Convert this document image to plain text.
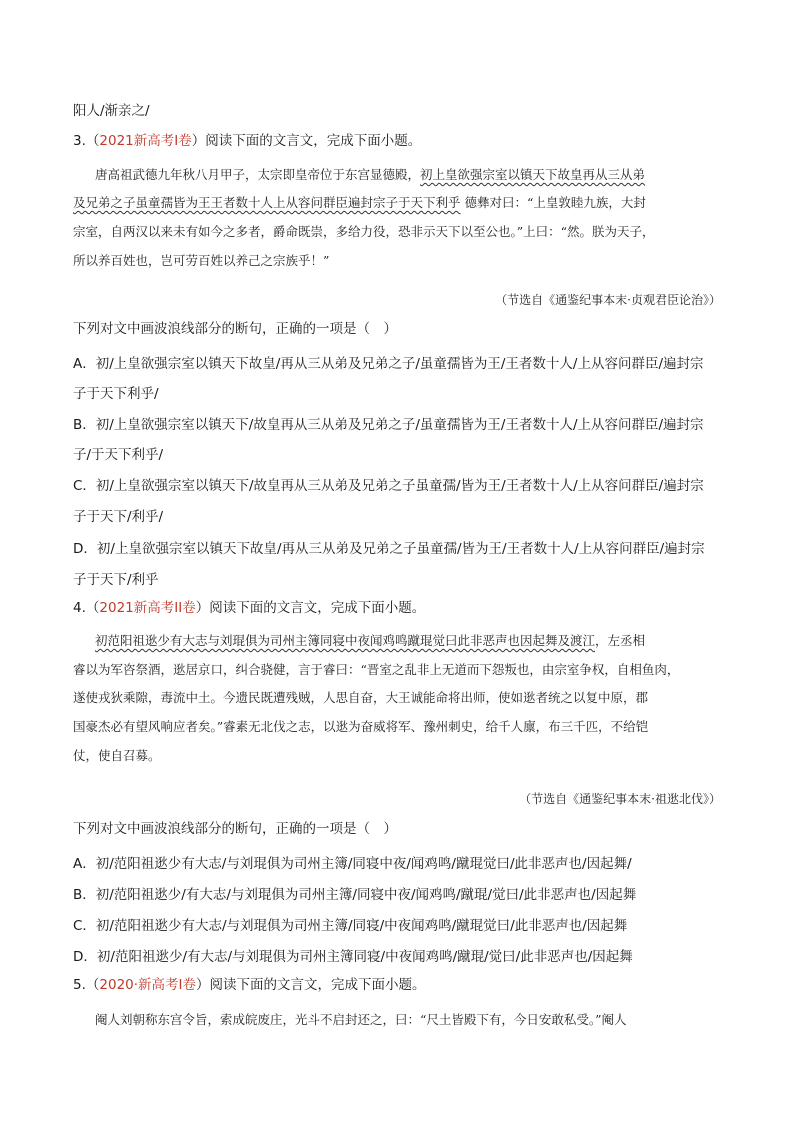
阳人/渐亲之/
3.（2021新高考I卷）阅读下面的文言文，完成下面小题。
唐高祖武德九年秋八月甲子，太宗即皇帝位于东宫显德殿，初上皇欲强宗室以镇天下故皇再从三从弟
及兄弟之子虽童孺皆为王王者数十人上从容问群臣遍封宗子于天下利乎 德彝对曰：“上皇敦睦九族，大封
宗室，自两汉以来未有如今之多者，爵命既崇，多给力役，恐非示天下以至公也。”上曰：“然。朕为天子，
所以养百姓也，岂可劳百姓以养己之宗族乎！”
（节选自《通鉴纪事本末·贞观君臣论治》）
下列对文中画波浪线部分的断句，正确的一项是（　）
A．初/上皇欲强宗室以镇天下故皇/再从三从弟及兄弟之子/虽童孺皆为王/王者数十人/上从容问群臣/遍封宗
子于天下利乎/
B．初/上皇欲强宗室以镇天下/故皇再从三从弟及兄弟之子/虽童孺皆为王/王者数十人/上从容问群臣/遍封宗
子/于天下利乎/
C．初/上皇欲强宗室以镇天下/故皇再从三从弟及兄弟之子虽童孺/皆为王/王者数十人/上从容问群臣/遍封宗
子于天下/利乎/
D．初/上皇欲强宗室以镇天下故皇/再从三从弟及兄弟之子虽童孺/皆为王/王者数十人/上从容问群臣/遍封宗
子于天下/利乎
4.（2021新高考II卷）阅读下面的文言文，完成下面小题。
初范阳祖逖少有大志与刘琨俱为司州主簿同寝中夜闻鸡鸣蹴琨觉曰此非恶声也因起舞及渡江，左丞相
睿以为军咨祭酒，逖居京口，纠合骁健，言于睿曰：“晋室之乱非上无道而下怨叛也，由宗室争权，自相鱼肉，
遂使戎狄乘隙，毒流中土。今遗民既遭残贼，人思自奋，大王诚能命将出师，使如逖者统之以复中原，郡
国豪杰必有望风响应者矣。”睿素无北伐之志，以逖为奋威将军、豫州刺史，给千人廪，布三千匹，不给铠
仗，使自召募。
（节选自《通鉴纪事本末·祖逖北伐》）
下列对文中画波浪线部分的断句，正确的一项是（　）
A．初/范阳祖逖少有大志/与刘琨俱为司州主簿/同寝中夜/闻鸡鸣/蹴琨觉曰/此非恶声也/因起舞/
B．初/范阳祖逖少/有大志/与刘琨俱为司州主簿/同寝中夜/闻鸡鸣/蹴琨/觉曰/此非恶声也/因起舞
C．初/范阳祖逖少有大志/与刘琨俱为司州主簿/同寝/中夜闻鸡鸣/蹴琨觉曰/此非恶声也/因起舞
D．初/范阳祖逖少/有大志/与刘琨俱为司州主簿同寝/中夜闻鸡鸣/蹴琨/觉曰/此非恶声也/因起舞
5.（2020·新高考I卷）阅读下面的文言文，完成下面小题。
阉人刘朝称东宫令旨，索成皖废庄，光斗不启封还之，曰：“尺土皆殿下有，今日安敢私受。”阉人
